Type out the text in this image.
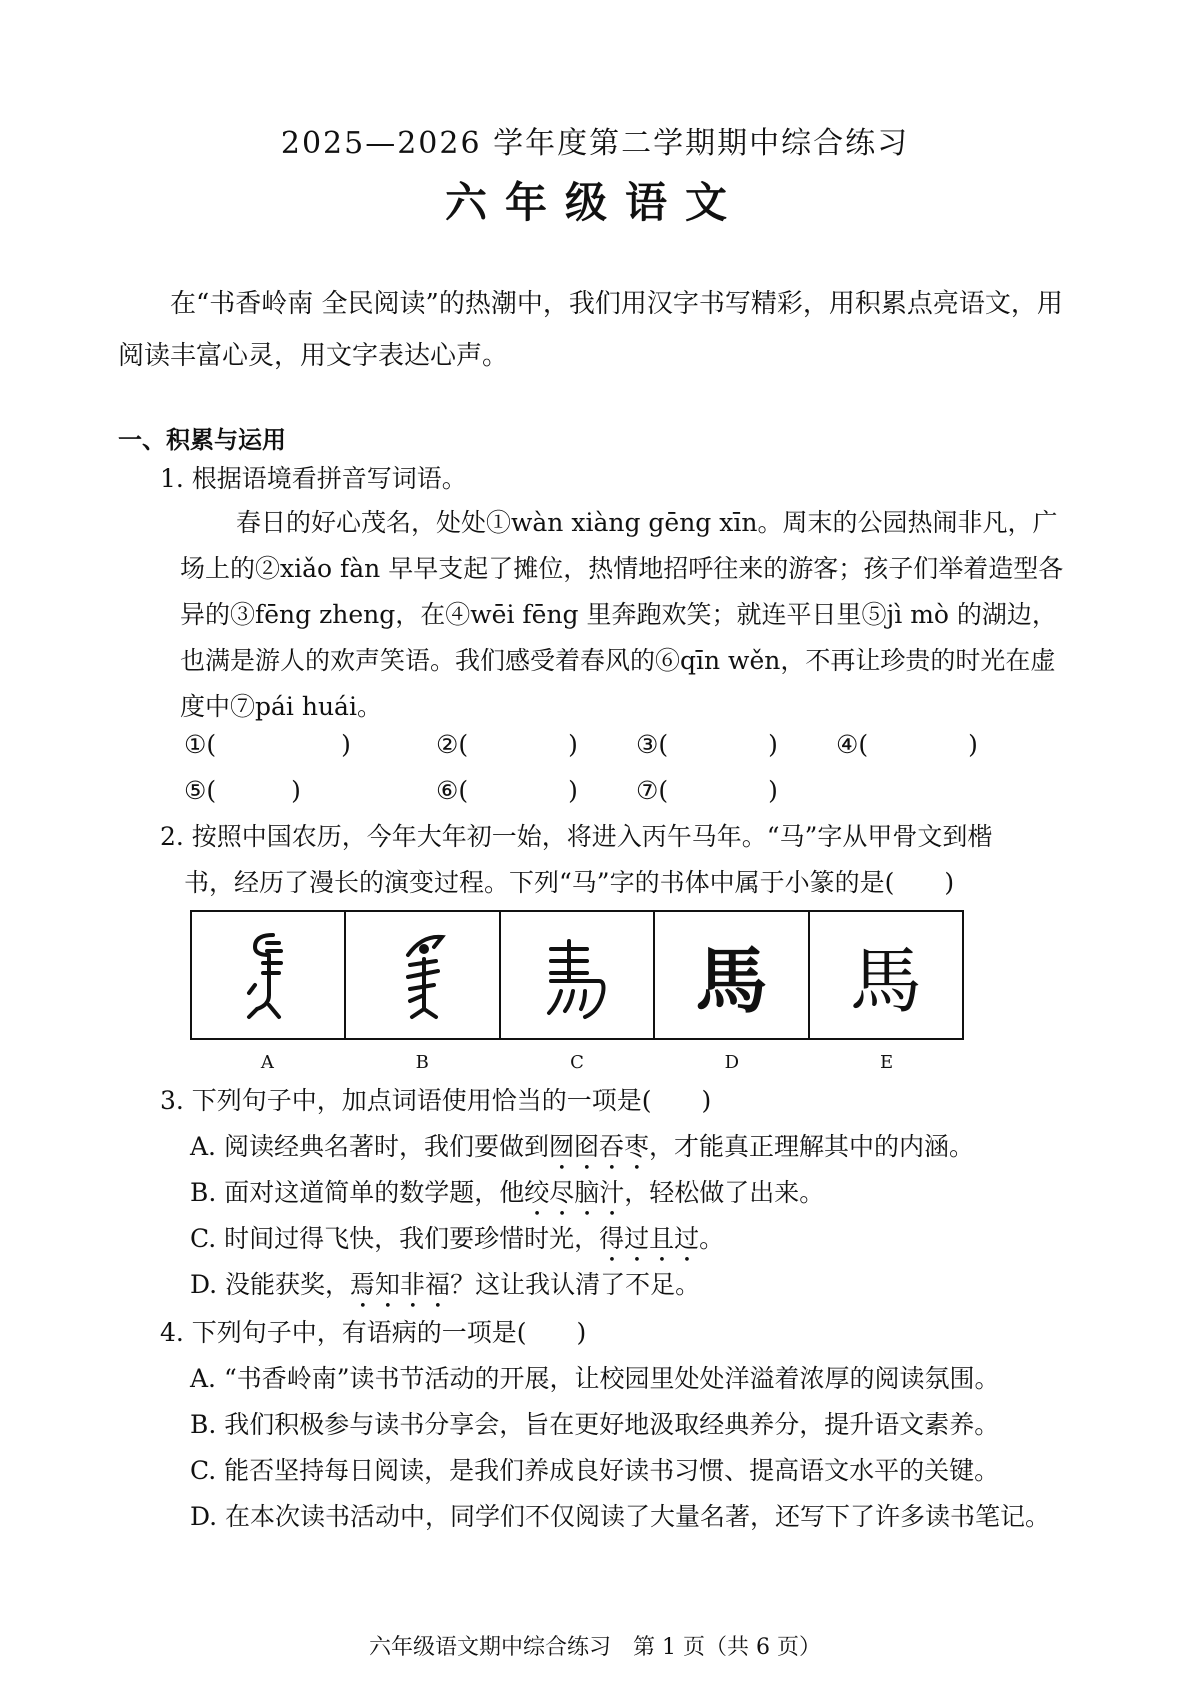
2025—2026 学年度第二学期期中综合练习
六年级语文
在“书香岭南 全民阅读”的热潮中，我们用汉字书写精彩，用积累点亮语文，用阅读丰富心灵，用文字表达心声。
一、积累与运用
1. 根据语境看拼音写词语。
春日的好心茂名，处处①wàn xiàng gēng xīn。周末的公园热闹非凡，广场上的②xiǎo fàn 早早支起了摊位，热情地招呼往来的游客；孩子们举着造型各异的③fēng zheng，在④wēi fēng 里奔跑欢笑；就连平日里⑤jì mò 的湖边，也满是游人的欢声笑语。我们感受着春风的⑥qīn wěn，不再让珍贵的时光在虚度中⑦pái huái。
①(　　　　　)	②(　　　　) ③(　　　　) ④(　　　　)
⑤(　　　)	⑥(　　　　) ⑦(　　　　)
2. 按照中国农历，今年大年初一始，将进入丙午马年。“马”字从甲骨文到楷
书，经历了漫长的演变过程。下列“马”字的书体中属于小篆的是(　　)
馬 馬
A	B	C	D	E
3. 下列句子中，加点词语使用恰当的一项是(　　)
A. 阅读经典名著时，我们要做到囫囵吞枣，才能真正理解其中的内涵。
B. 面对这道简单的数学题，他绞尽脑汁，轻松做了出来。
C. 时间过得飞快，我们要珍惜时光，得过且过。
D. 没能获奖，焉知非福？这让我认清了不足。
4. 下列句子中，有语病的一项是(　　)
A. “书香岭南”读书节活动的开展，让校园里处处洋溢着浓厚的阅读氛围。
B. 我们积极参与读书分享会，旨在更好地汲取经典养分，提升语文素养。
C. 能否坚持每日阅读，是我们养成良好读书习惯、提高语文水平的关键。
D. 在本次读书活动中，同学们不仅阅读了大量名著，还写下了许多读书笔记。
六年级语文期中综合练习　第 1 页（共 6 页）
